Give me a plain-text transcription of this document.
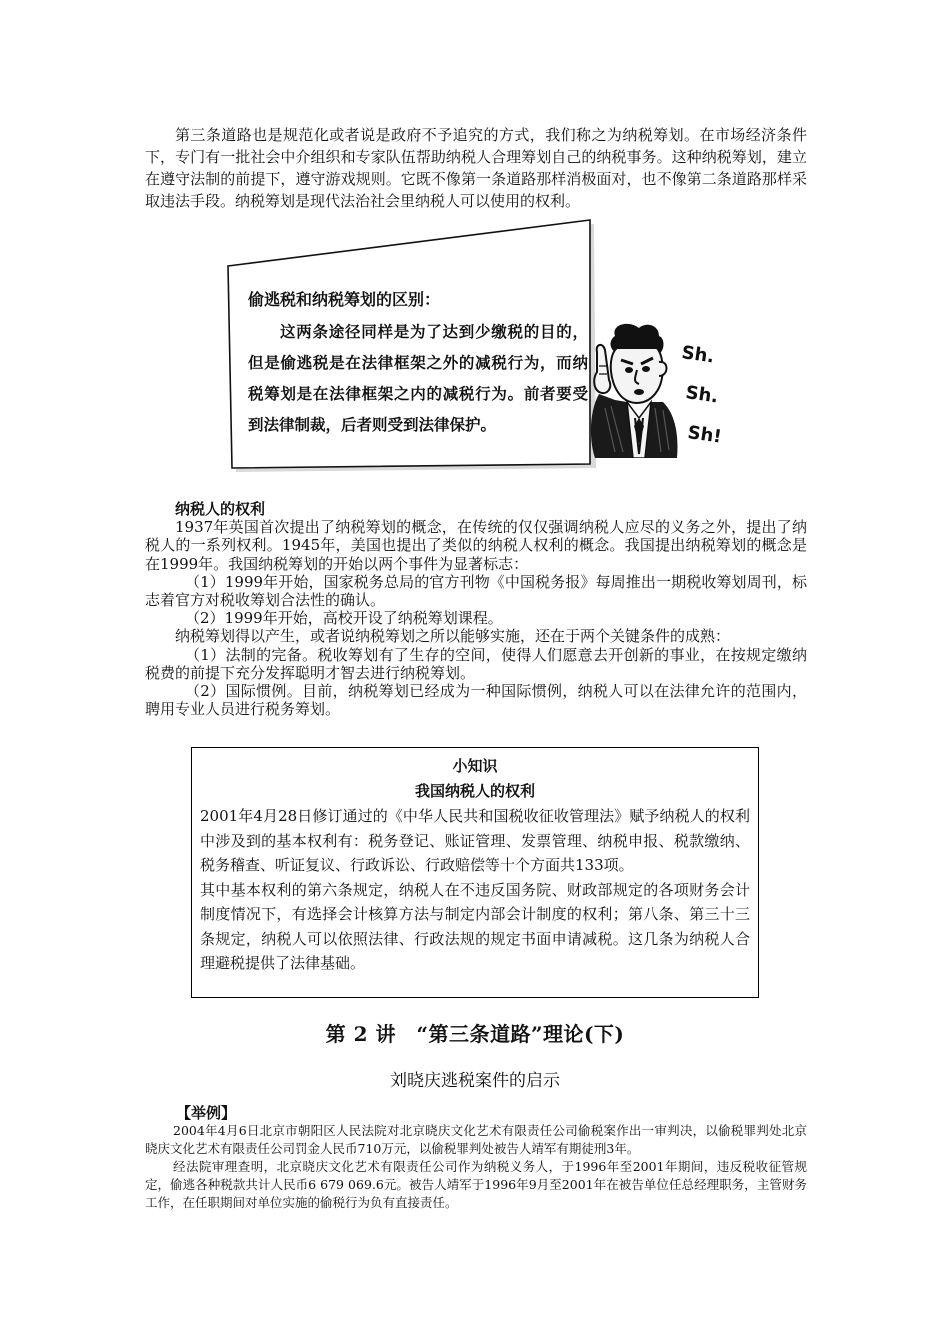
第三条道路也是规范化或者说是政府不予追究的方式，我们称之为纳税筹划。在市场经济条件下，专门有一批社会中介组织和专家队伍帮助纳税人合理筹划自己的纳税事务。这种纳税筹划，建立在遵守法制的前提下，遵守游戏规则。它既不像第一条道路那样消极面对，也不像第二条道路那样采取违法手段。纳税筹划是现代法治社会里纳税人可以使用的权利。

偷逃税和纳税筹划的区别：

这两条途径同样是为了达到少缴税的目的，但是偷逃税是在法律框架之外的减税行为，而纳税筹划是在法律框架之内的减税行为。前者要受到法律制裁，后者则受到法律保护。

Sh.
Sh.
Sh!

纳税人的权利

1937年英国首次提出了纳税筹划的概念，在传统的仅仅强调纳税人应尽的义务之外，提出了纳税人的一系列权利。1945年，美国也提出了类似的纳税人权利的概念。我国提出纳税筹划的概念是在1999年。我国纳税筹划的开始以两个事件为显著标志：

（1）1999年开始，国家税务总局的官方刊物《中国税务报》每周推出一期税收筹划周刊，标志着官方对税收筹划合法性的确认。

（2）1999年开始，高校开设了纳税筹划课程。

纳税筹划得以产生，或者说纳税筹划之所以能够实施，还在于两个关键条件的成熟：

（1）法制的完备。税收筹划有了生存的空间，使得人们愿意去开创新的事业，在按规定缴纳税费的前提下充分发挥聪明才智去进行纳税筹划。

（2）国际惯例。目前，纳税筹划已经成为一种国际惯例，纳税人可以在法律允许的范围内，聘用专业人员进行税务筹划。

小知识

我国纳税人的权利

2001年4月28日修订通过的《中华人民共和国税收征收管理法》赋予纳税人的权利中涉及到的基本权利有：税务登记、账证管理、发票管理、纳税申报、税款缴纳、税务稽查、听证复议、行政诉讼、行政赔偿等十个方面共133项。

其中基本权利的第六条规定，纳税人在不违反国务院、财政部规定的各项财务会计制度情况下，有选择会计核算方法与制定内部会计制度的权利；第八条、第三十三条规定，纳税人可以依照法律、行政法规的规定书面申请减税。这几条为纳税人合理避税提供了法律基础。

第 2 讲　“第三条道路”理论(下)
刘晓庆逃税案件的启示
【举例】

2004年4月6日北京市朝阳区人民法院对北京晓庆文化艺术有限责任公司偷税案作出一审判决，以偷税罪判处北京晓庆文化艺术有限责任公司罚金人民币710万元，以偷税罪判处被告人靖军有期徒刑3年。

经法院审理查明，北京晓庆文化艺术有限责任公司作为纳税义务人，于1996年至2001年期间，违反税收征管规定，偷逃各种税款共计人民币6 679 069.6元。被告人靖军于1996年9月至2001年在被告单位任总经理职务，主管财务工作，在任职期间对单位实施的偷税行为负有直接责任。
